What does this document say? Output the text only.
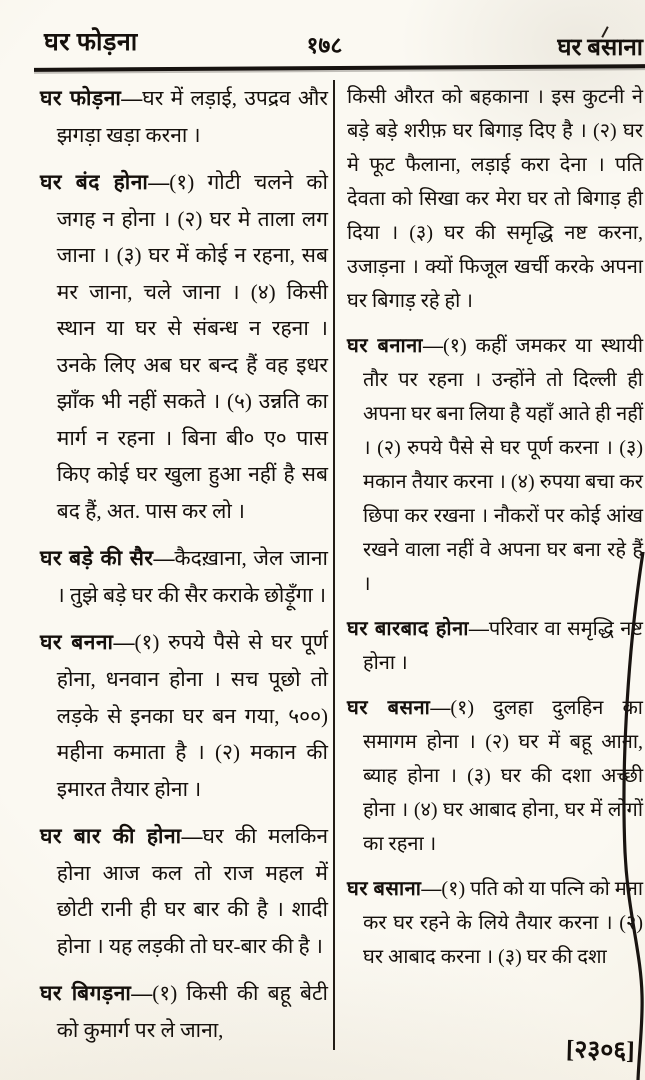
घर फोड़ना	१७८	घर बसाना

घर फोड़ना—घर में लड़ाई, उपद्रव और झगड़ा खड़ा करना ।

घर बंद होना—(१) गोटी चलने को जगह न होना । (२) घर मे ताला लग जाना । (३) घर में कोई न रहना, सब मर जाना, चले जाना । (४) किसी स्थान या घर से संबन्ध न रहना । उनके लिए अब घर बन्द हैं वह इधर झाँक भी नहीं सकते । (५) उन्नति का मार्ग न रहना । बिना बी० ए० पास किए कोई घर खुला हुआ नहीं है सब बद हैं, अत. पास कर लो ।

घर बड़े की सैर—कैदख़ाना, जेल जाना । तुझे बड़े घर की सैर कराके छोड़ूँगा ।

घर बनना—(१) रुपये पैसे से घर पूर्ण होना, धनवान होना । सच पूछो तो लड़के से इनका घर बन गया, ५००) महीना कमाता है । (२) मकान की इमारत तैयार होना ।

घर बार की होना—घर की मलकिन होना आज कल तो राज महल में छोटी रानी ही घर बार की है । शादी होना । यह लड़की तो घर-बार की है ।

घर बिगड़ना—(१) किसी की बहू बेटी को कुमार्ग पर ले जाना,

किसी औरत को बहकाना । इस कुटनी ने बड़े बड़े शरीफ़ घर बिगाड़ दिए है । (२) घर मे फूट फैलाना, लड़ाई करा देना । पति देवता को सिखा कर मेरा घर तो बिगाड़ ही दिया । (३) घर की समृद्धि नष्ट करना, उजाड़ना । क्यों फिजूल खर्ची करके अपना घर बिगाड़ रहे हो ।

घर बनाना—(१) कहीं जमकर या स्थायी तौर पर रहना । उन्होंने तो दिल्ली ही अपना घर बना लिया है यहाँ आते ही नहीं । (२) रुपये पैसे से घर पूर्ण करना । (३) मकान तैयार करना । (४) रुपया बचा कर छिपा कर रखना । नौकरों पर कोई आंख रखने वाला नहीं वे अपना घर बना रहे हैं ।

घर बारबाद होना—परिवार वा समृद्धि नष्ट होना ।

घर बसना—(१) दुलहा दुलहिन का समागम होना । (२) घर में बहू आना, ब्याह होना । (३) घर की दशा अच्छी होना । (४) घर आबाद होना, घर में लोगों का रहना ।

घर बसाना—(१) पति को या पत्नि को मना कर घर रहने के लिये तैयार करना । (२) घर आबाद करना । (३) घर की दशा

[२३०६]
